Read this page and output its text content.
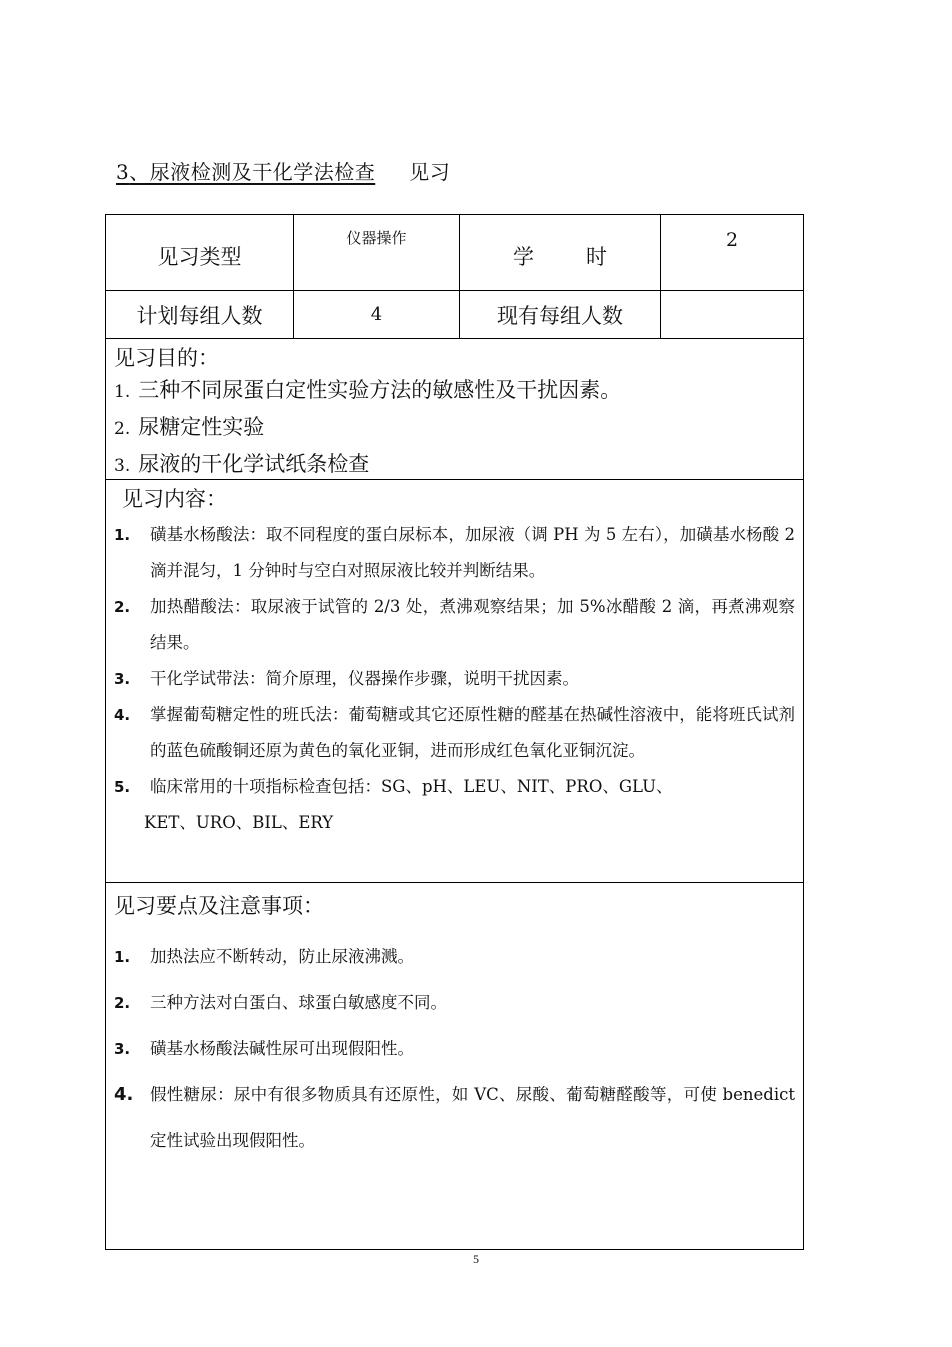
3、尿液检测及干化学法检查 见习
见习类型
仪器操作
学 时
2
计划每组人数	4	现有每组人数
见习目的：
1. 三种不同尿蛋白定性实验方法的敏感性及干扰因素。
2. 尿糖定性实验
3. 尿液的干化学试纸条检查
见习内容：
1. 磺基水杨酸法：取不同程度的蛋白尿标本，加尿液（调 PH 为 5 左右），加磺基水杨酸 2 滴并混匀，1 分钟时与空白对照尿液比较并判断结果。
2. 加热醋酸法：取尿液于试管的 2/3 处，煮沸观察结果；加 5%冰醋酸 2 滴，再煮沸观察结果。
3. 干化学试带法：简介原理，仪器操作步骤，说明干扰因素。
4. 掌握葡萄糖定性的班氏法：葡萄糖或其它还原性糖的醛基在热碱性溶液中，能将班氏试剂的蓝色硫酸铜还原为黄色的氧化亚铜，进而形成红色氧化亚铜沉淀。
5. 临床常用的十项指标检查包括：SG、pH、LEU、NIT、PRO、GLU、
KET、URO、BIL、ERY
见习要点及注意事项：
1. 加热法应不断转动，防止尿液沸溅。
2. 三种方法对白蛋白、球蛋白敏感度不同。
3. 磺基水杨酸法碱性尿可出现假阳性。
4. 假性糖尿：尿中有很多物质具有还原性，如 VC、尿酸、葡萄糖醛酸等，可使 benedict 定性试验出现假阳性。
5
